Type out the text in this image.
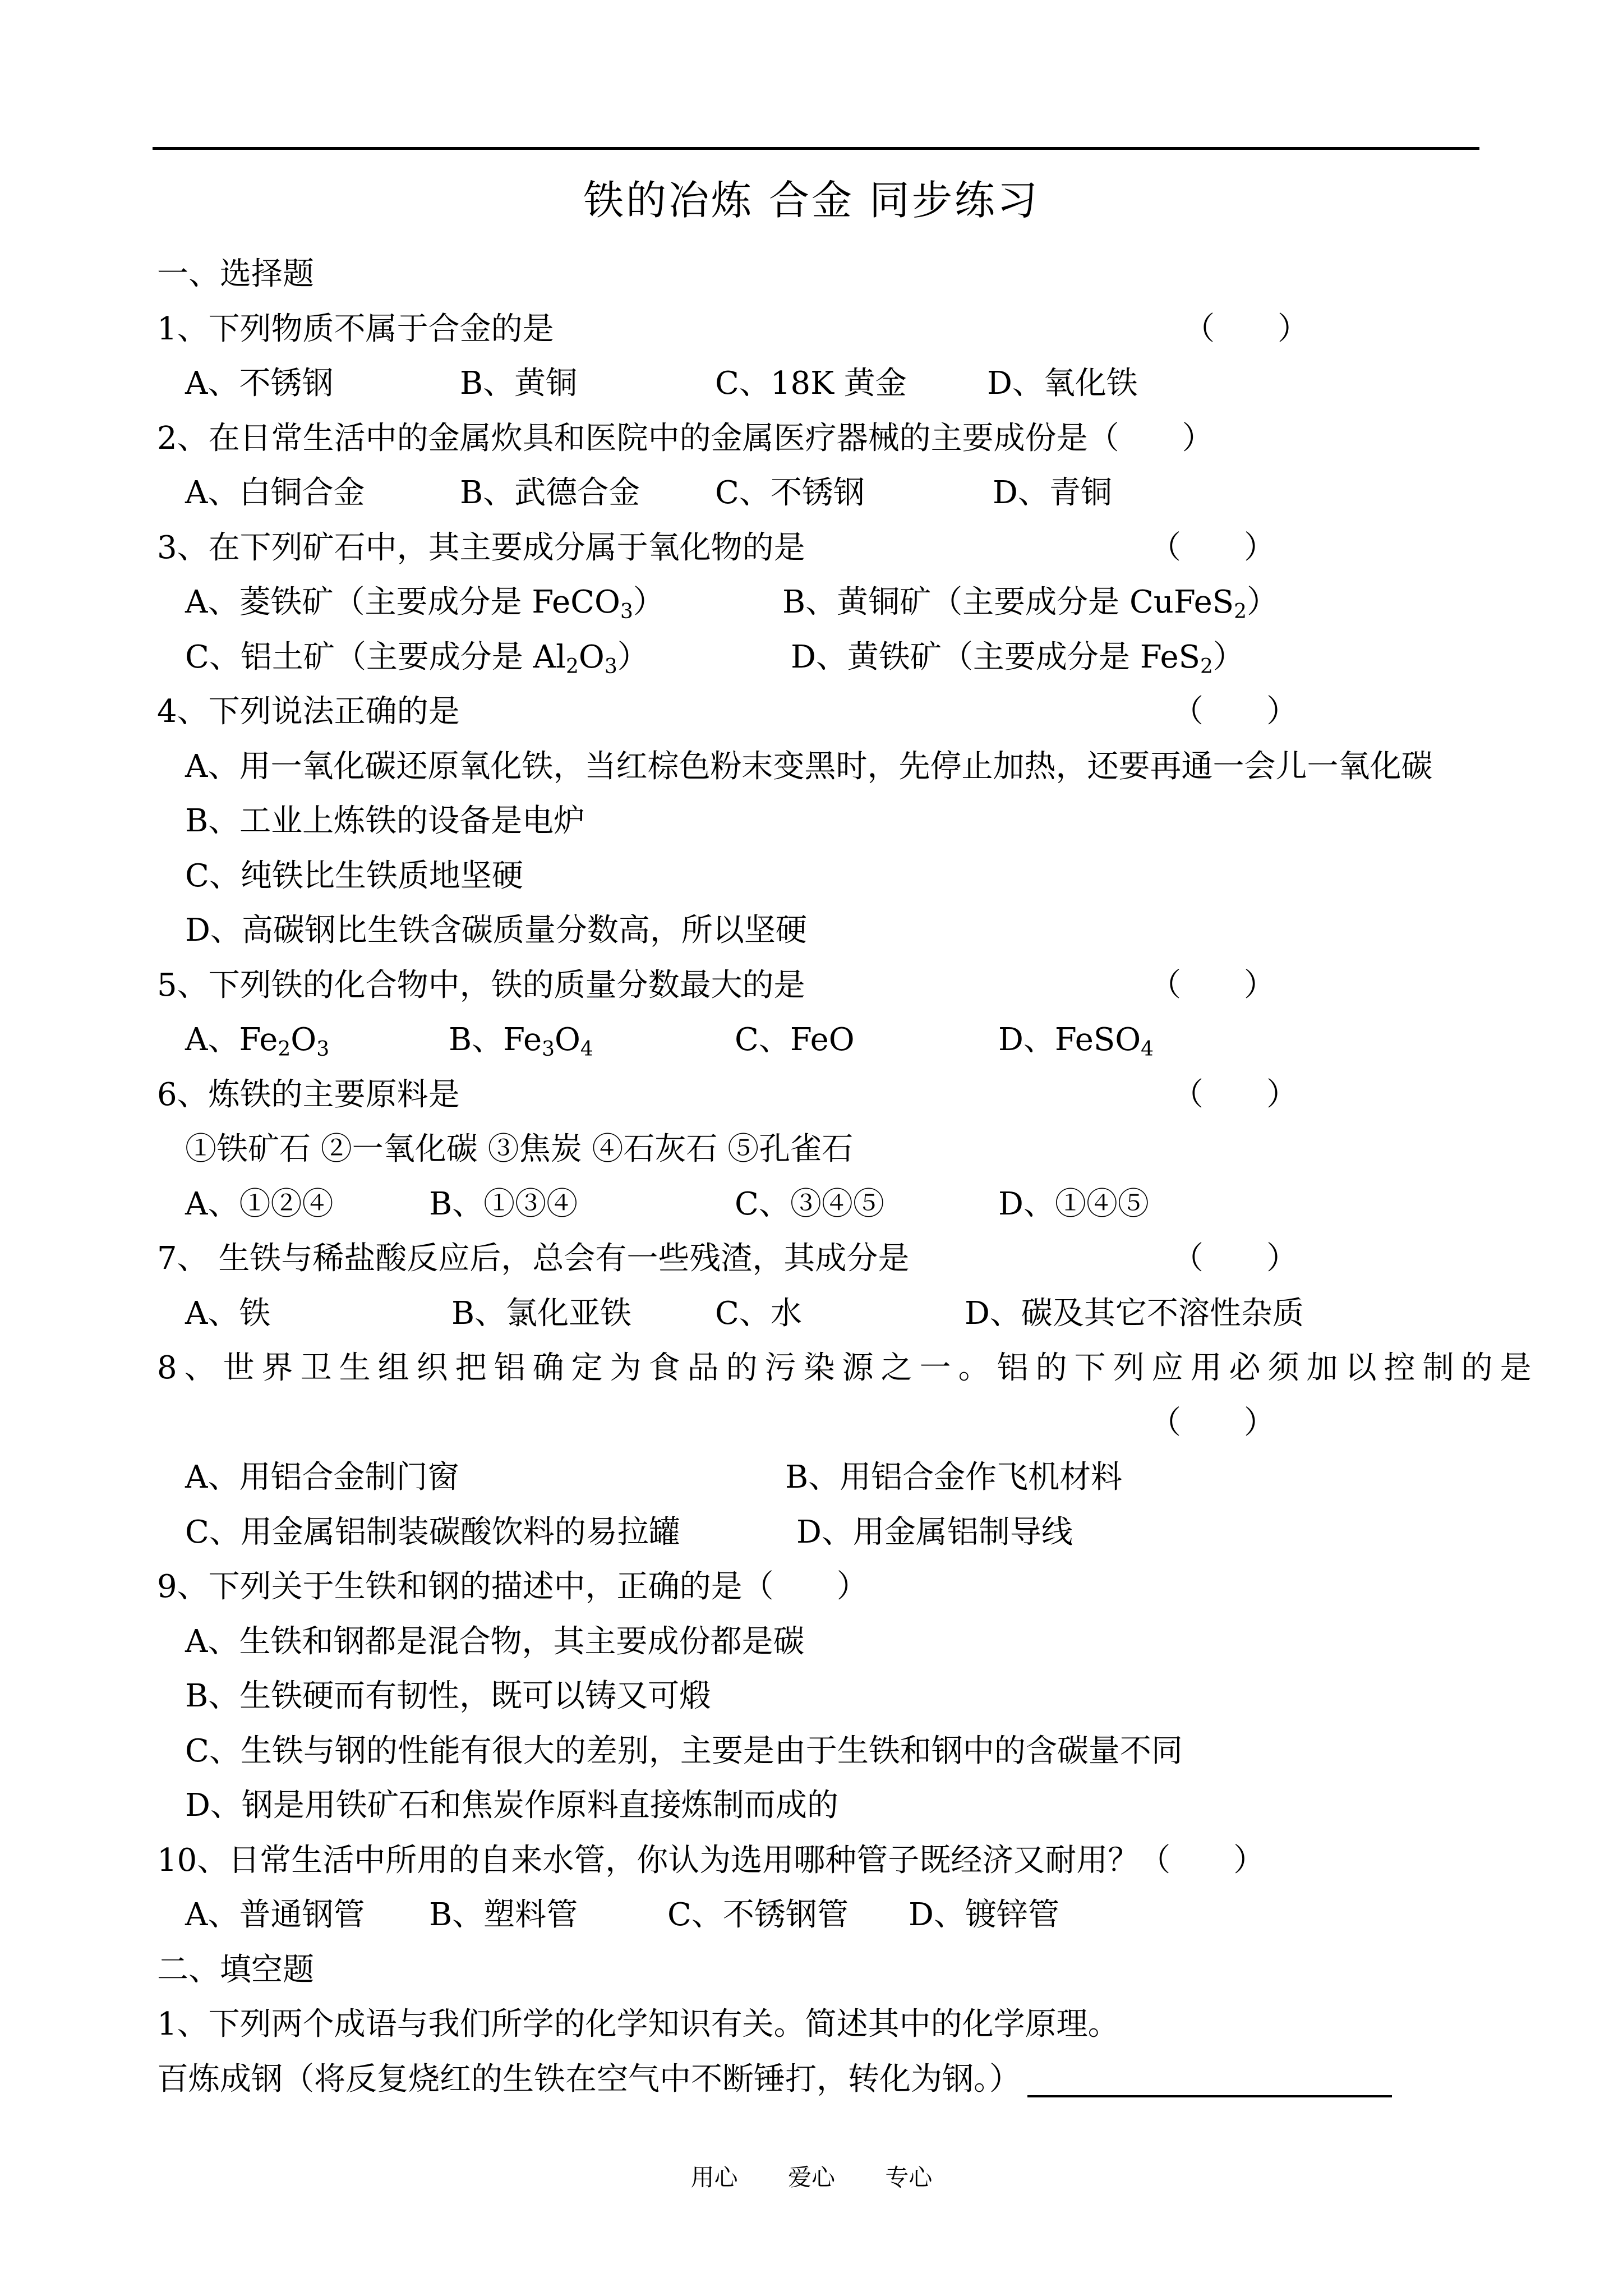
铁的冶炼 合金 同步练习
一、选择题
1、下列物质不属于合金的是	（　　）
A、不锈钢	B、黄铜	C、18K 黄金	D、氧化铁
2、在日常生活中的金属炊具和医院中的金属医疗器械的主要成份是（　　）
A、白铜合金	B、武德合金 C、不锈钢	D、青铜
3、在下列矿石中，其主要成分属于氧化物的是	（　　）
A、菱铁矿（主要成分是 FeCO$_3$）	B、黄铜矿（主要成分是 CuFeS$_2$）
C、铝土矿（主要成分是 $Al_2O_3$）	D、黄铁矿（主要成分是 FeS$_2$）
4、下列说法正确的是	（　　）
A、用一氧化碳还原氧化铁，当红棕色粉末变黑时，先停止加热，还要再通一会儿一氧化碳
B、工业上炼铁的设备是电炉
C、纯铁比生铁质地坚硬
D、高碳钢比生铁含碳质量分数高，所以坚硬
5、下列铁的化合物中，铁的质量分数最大的是	（　　）
A、$Fe_2O_3$	B、$Fe_3O_4$	C、FeO	D、FeSO$_4$
6、炼铁的主要原料是	（　　）
①铁矿石 ②一氧化碳 ③焦炭 ④石灰石 ⑤孔雀石
A、①②④	B、①③④	C、③④⑤	D、①④⑤
7、 生铁与稀盐酸反应后，总会有一些残渣，其成分是	（　　）
A、铁	B、氯化亚铁	C、水	D、碳及其它不溶性杂质
8、世界卫生组织把铝确定为食品的污染源之一。铝的下列应用必须加以控制的是
（　　）
A、用铝合金制门窗	B、用铝合金作飞机材料
C、用金属铝制装碳酸饮料的易拉罐	D、用金属铝制导线
9、下列关于生铁和钢的描述中，正确的是（　　）
A、生铁和钢都是混合物，其主要成份都是碳
B、生铁硬而有韧性，既可以铸又可煅
C、生铁与钢的性能有很大的差别，主要是由于生铁和钢中的含碳量不同
D、钢是用铁矿石和焦炭作原料直接炼制而成的
10、日常生活中所用的自来水管，你认为选用哪种管子既经济又耐用？（　　）
A、普通钢管 B、塑料管	C、不锈钢管 D、镀锌管
二、填空题
1、下列两个成语与我们所学的化学知识有关。简述其中的化学原理。
百炼成钢（将反复烧红的生铁在空气中不断锤打，转化为钢。）
用心 爱心 专心
